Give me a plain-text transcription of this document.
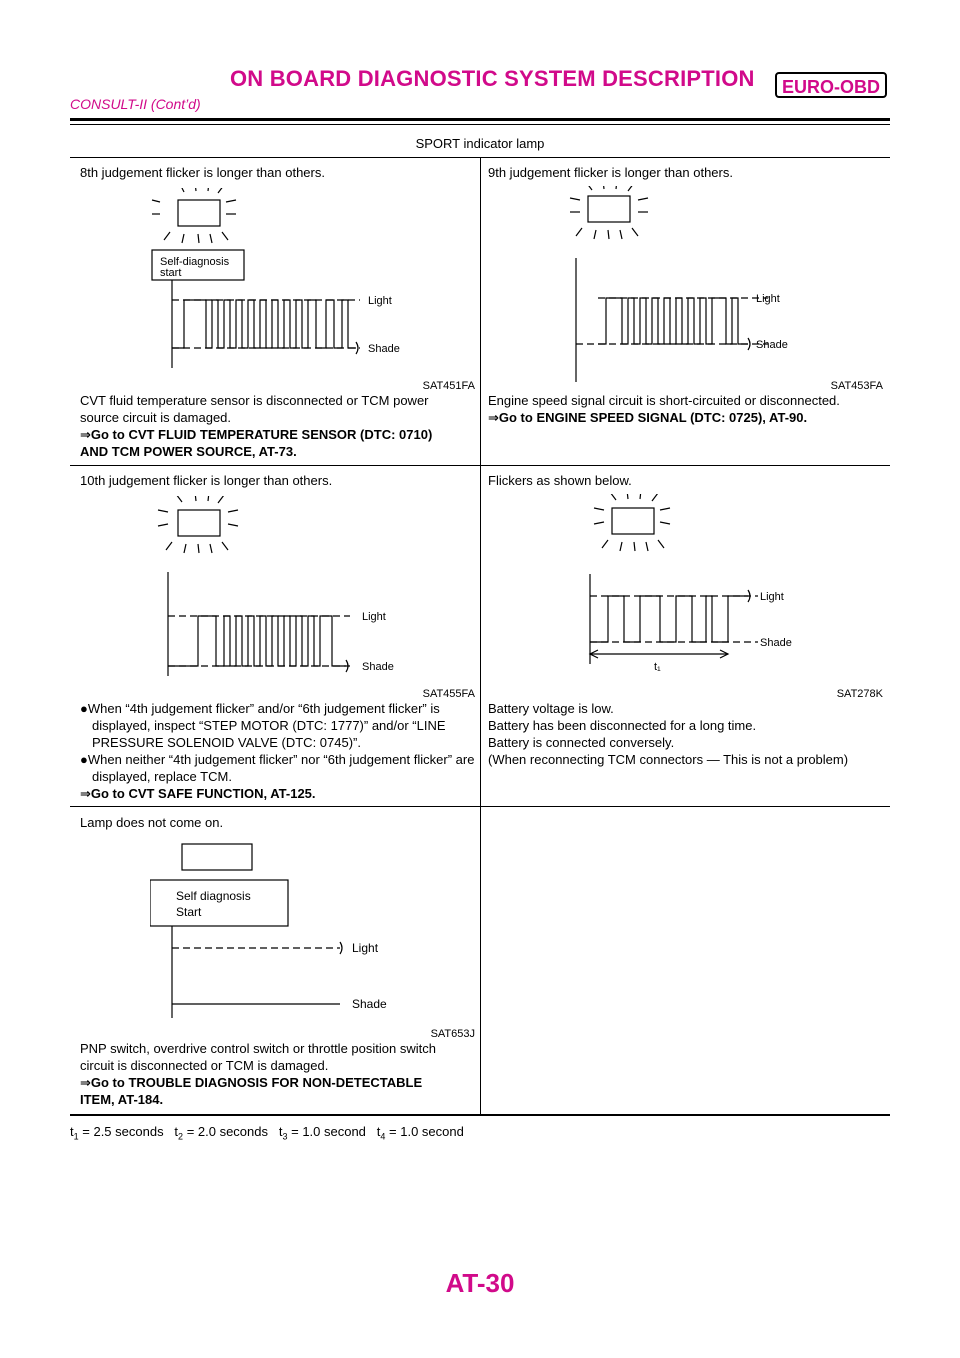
ON BOARD DIAGNOSTIC SYSTEM DESCRIPTION	EURO-OBD
CONSULT-II (Cont’d)
SPORT indicator lamp

8th judgement flicker is longer than others.

Self-diagnosis
start
Light
Shade
SAT451FA

CVT fluid temperature sensor is disconnected or TCM power

source circuit is damaged.

⇒Go to CVT FLUID TEMPERATURE SENSOR (DTC: 0710)

AND TCM POWER SOURCE, AT-73.

9th judgement flicker is longer than others.

Light
Shade
SAT453FA

Engine speed signal circuit is short-circuited or disconnected.

⇒Go to ENGINE SPEED SIGNAL (DTC: 0725), AT-90.

10th judgement flicker is longer than others.

Light
Shade
SAT455FA

●When “4th judgement flicker” and/or “6th judgement flicker” is displayed, inspect “STEP MOTOR (DTC: 1777)” and/or “LINE PRESSURE SOLENOID VALVE (DTC: 0745)”.

●When neither “4th judgement flicker” nor “6th judgement flicker” are displayed, replace TCM.

⇒Go to CVT SAFE FUNCTION, AT-125.

Flickers as shown below.

Light
Shade
t₁
SAT278K

Battery voltage is low.

Battery has been disconnected for a long time.

Battery is connected conversely.

(When reconnecting TCM connectors — This is not a problem)

Lamp does not come on.

Self diagnosis
Start
Light
Shade
SAT653J

PNP switch, overdrive control switch or throttle position switch

circuit is disconnected or TCM is damaged.

⇒Go to TROUBLE DIAGNOSIS FOR NON-DETECTABLE

ITEM, AT-184.

$t_1 = 2.5$ seconds $t_2 = 2.0$ seconds $t_3 = 1.0$ second $t_4 = 1.0$ second
AT-30
